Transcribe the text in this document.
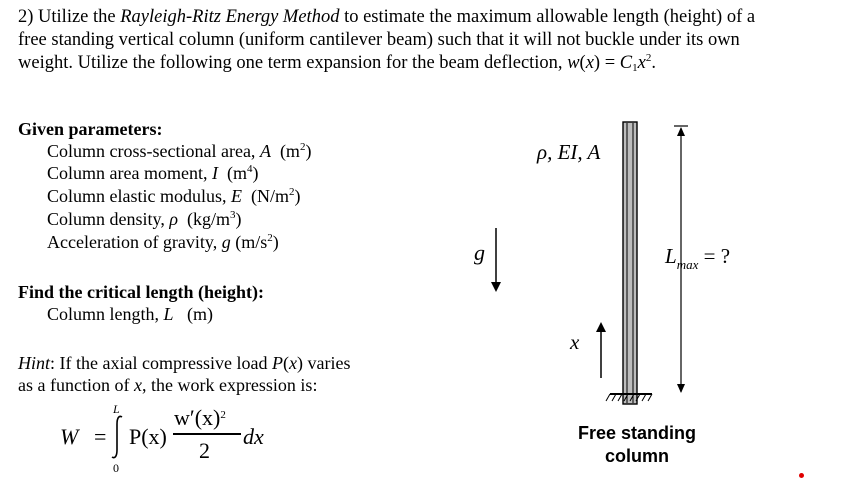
2) Utilize the Rayleigh-Ritz Energy Method to estimate the maximum allowable length (height) of a
free standing vertical column (uniform cantilever beam) such that it will not buckle under its own
weight. Utilize the following one term expansion for the beam deflection, $w(x) = C_1x^2$.
Given parameters:
Column cross-sectional area, A $(m^2)$
Column area moment, I $(m^4)$
Column elastic modulus, E $(N/m^2)$
Column density, ρ $(kg/m^3)$
Acceleration of gravity, g $(m/s^2)$
Find the critical length (height):
Column length, L (m)
Hint: If the axial compressive load P(x) varies
as a function of x, the work expression is:
W =
L
0
P(x)
$w'(x)^2$
2
dx
ρ, EI, A
g
x
$L_{max}$ = ?
Free standing
column
